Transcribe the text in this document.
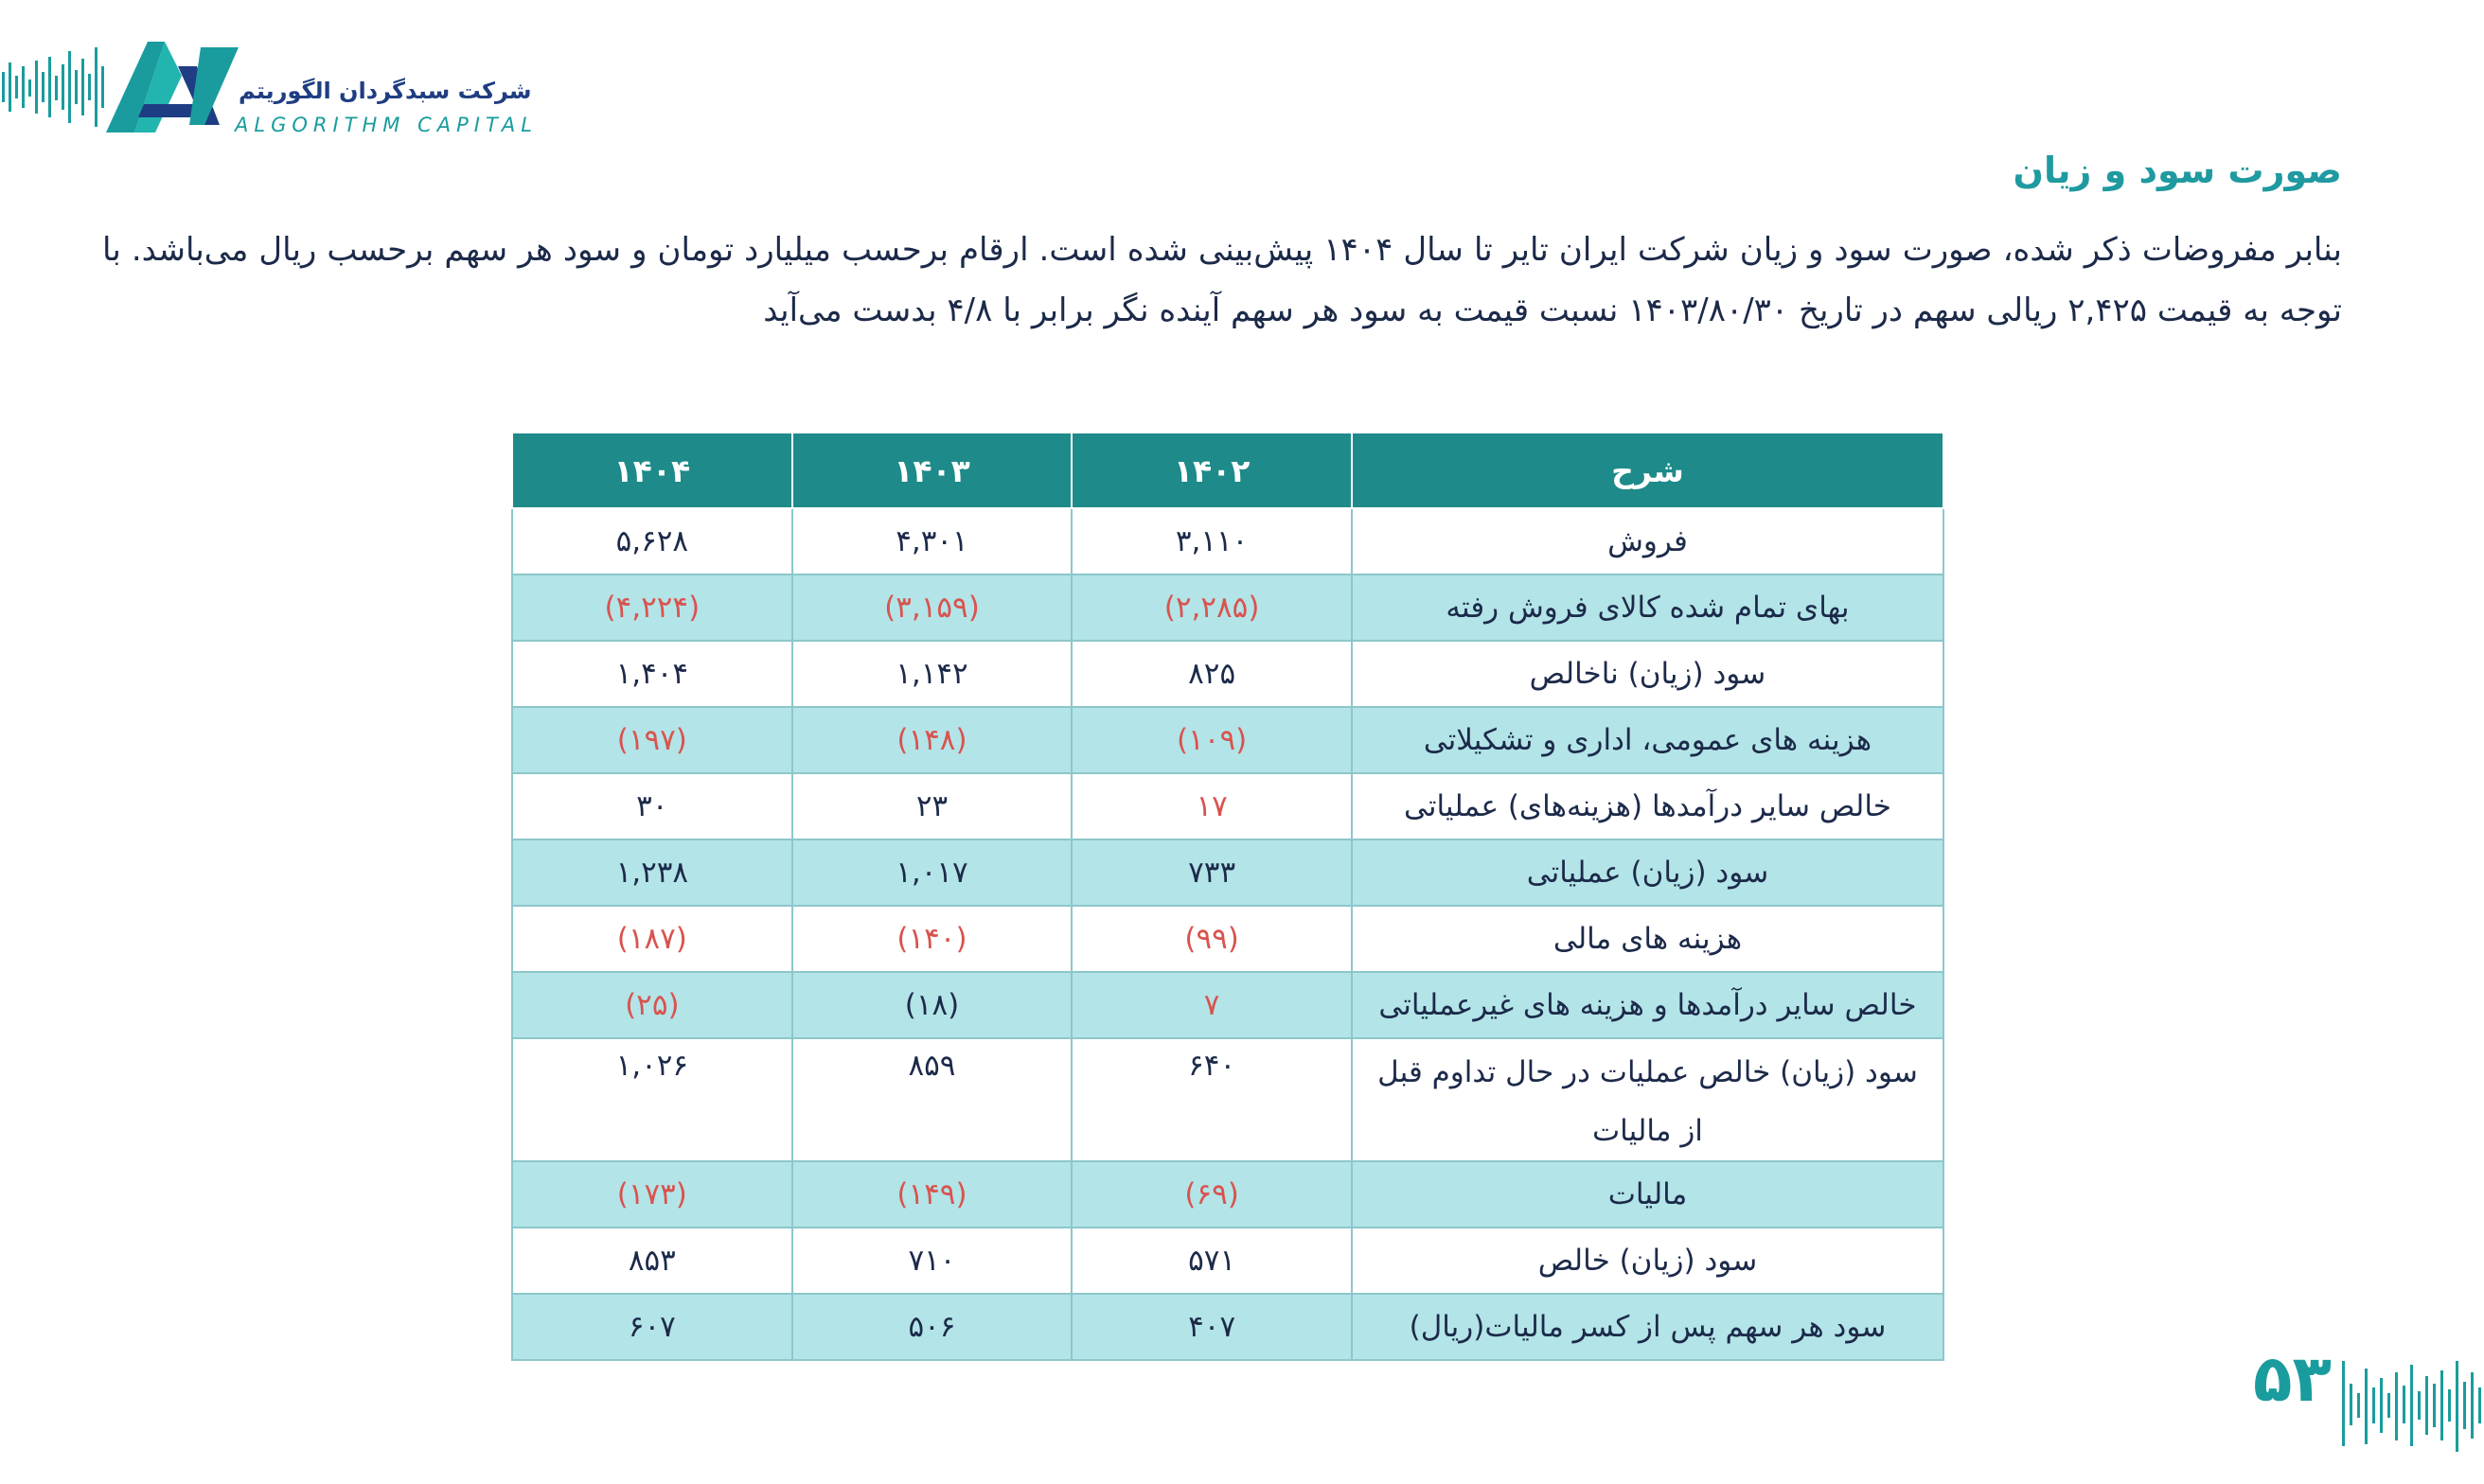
شرکت سبدگردان الگوریتم
ALGORITHM CAPITAL
صورت سود و زیان

بنابر مفروضات ذکر شده، صورت سود و زیان شرکت ایران تایر تا سال ۱۴۰۴ پیش‌بینی شده است. ارقام برحسب میلیارد تومان و سود هر سهم برحسب ریال می‌باشد. با توجه به قیمت ۲,۴۲۵ ریالی سهم در تاریخ ۱۴۰۳/۸۰/۳۰ نسبت قیمت به سود هر سهم آینده نگر برابر با ۴/۸ بدست می‌آید

شرح	۱۴۰۲	۱۴۰۳	۱۴۰۴
فروش	۳,۱۱۰	۴,۳۰۱	۵,۶۲۸
بهای تمام شده کالای فروش رفته	(۲,۲۸۵)	(۳,۱۵۹)	(۴,۲۲۴)
سود (زیان) ناخالص	۸۲۵	۱,۱۴۲	۱,۴۰۴
هزینه های عمومی، اداری و تشکیلاتی	(۱۰۹)	(۱۴۸)	(۱۹۷)
خالص سایر درآمدها (هزینه‌های) عملیاتی	۱۷	۲۳	۳۰
سود (زیان) عملیاتی	۷۳۳	۱,۰۱۷	۱,۲۳۸
هزینه های مالی	(۹۹)	(۱۴۰)	(۱۸۷)
خالص سایر درآمدها و هزینه های غیرعملیاتی	۷	(۱۸)	(۲۵)
سود (زیان) خالص عملیات در حال تداوم قبل از مالیات	۶۴۰	۸۵۹	۱,۰۲۶
مالیات	(۶۹)	(۱۴۹)	(۱۷۳)
سود (زیان) خالص	۵۷۱	۷۱۰	۸۵۳
سود هر سهم پس از کسر مالیات(ریال)	۴۰۷	۵۰۶	۶۰۷
۵۳
